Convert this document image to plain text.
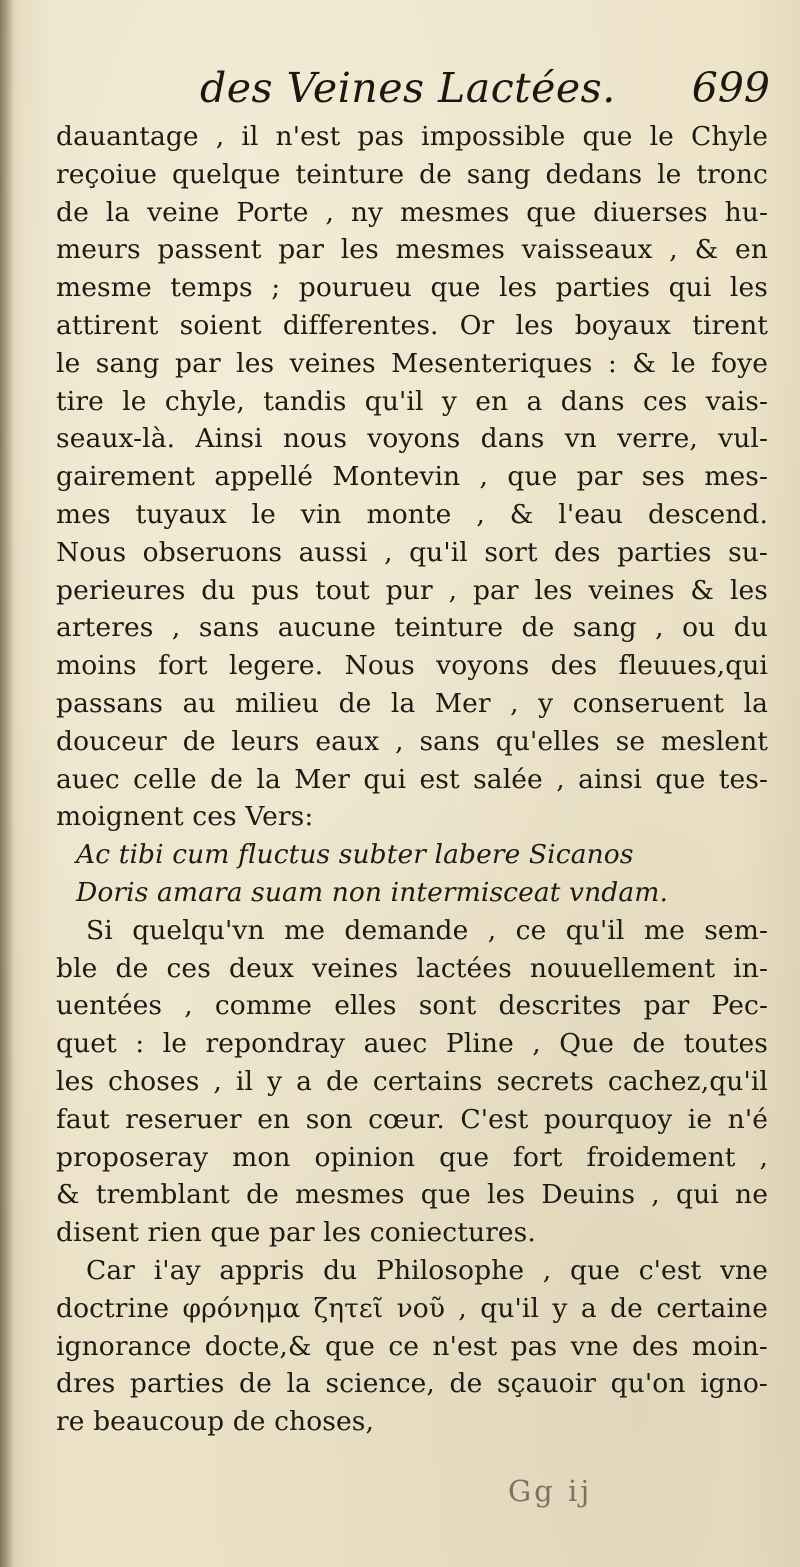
des Veines Lactées. 699
dauantage , il n'est pas impossible que le Chyle
reçoiue quelque teinture de sang dedans le tronc
de la veine Porte , ny mesmes que diuerses hu-
meurs passent par les mesmes vaisseaux , & en
mesme temps ; pourueu que les parties qui les
attirent soient differentes. Or les boyaux tirent
le sang par les veines Mesenteriques : & le foye
tire le chyle, tandis qu'il y en a dans ces vais-
seaux-là. Ainsi nous voyons dans vn verre, vul-
gairement appellé Montevin , que par ses mes-
mes tuyaux le vin monte , & l'eau descend.
Nous obseruons aussi , qu'il sort des parties su-
perieures du pus tout pur , par les veines & les
arteres , sans aucune teinture de sang , ou du
moins fort legere. Nous voyons des fleuues,qui
passans au milieu de la Mer , y conseruent la
douceur de leurs eaux , sans qu'elles se meslent
auec celle de la Mer qui est salée , ainsi que tes-
moignent ces Vers:
Ac tibi cum fluctus subter labere Sicanos
Doris amara suam non intermisceat vndam.
Si quelqu'vn me demande , ce qu'il me sem-
ble de ces deux veines lactées nouuellement in-
uentées , comme elles sont descrites par Pec-
quet : le repondray auec Pline , Que de toutes
les choses , il y a de certains secrets cachez,qu'il
faut reseruer en son cœur. C'est pourquoy ie n'é
proposeray mon opinion que fort froidement ,
& tremblant de mesmes que les Deuins , qui ne
disent rien que par les coniectures.
Car i'ay appris du Philosophe , que c'est vne
doctrine φρόνημα ζητεῖ νοῦ , qu'il y a de certaine
ignorance docte,& que ce n'est pas vne des moin-
dres parties de la science, de sçauoir qu'on igno-
re beaucoup de choses,
Gg ij
